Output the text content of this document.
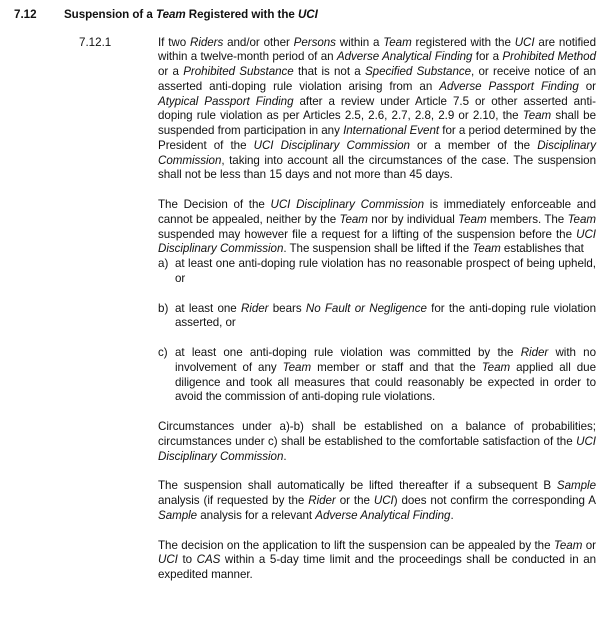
7.12	Suspension of a Team Registered with the UCI
7.12.1	If two Riders and/or other Persons within a Team registered with the UCI are notified within a twelve-month period of an Adverse Analytical Finding for a Prohibited Method or a Prohibited Substance that is not a Specified Substance, or receive notice of an asserted anti-doping rule violation arising from an Adverse Passport Finding or Atypical Passport Finding after a review under Article 7.5 or other asserted anti-doping rule violation as per Articles 2.5, 2.6, 2.7, 2.8, 2.9 or 2.10, the Team shall be suspended from participation in any International Event for a period determined by the President of the UCI Disciplinary Commission or a member of the Disciplinary Commission, taking into account all the circumstances of the case. The suspension shall not be less than 15 days and not more than 45 days.

The Decision of the UCI Disciplinary Commission is immediately enforceable and cannot be appealed, neither by the Team nor by individual Team members. The Team suspended may however file a request for a lifting of the suspension before the UCI Disciplinary Commission. The suspension shall be lifted if the Team establishes that

a) at least one anti-doping rule violation has no reasonable prospect of being upheld, or
b) at least one Rider bears No Fault or Negligence for the anti-doping rule violation asserted, or
c) at least one anti-doping rule violation was committed by the Rider with no involvement of any Team member or staff and that the Team applied all due diligence and took all measures that could reasonably be expected in order to avoid the commission of anti-doping rule violations.

Circumstances under a)-b) shall be established on a balance of probabilities; circumstances under c) shall be established to the comfortable satisfaction of the UCI Disciplinary Commission.

The suspension shall automatically be lifted thereafter if a subsequent B Sample analysis (if requested by the Rider or the UCI) does not confirm the corresponding A Sample analysis for a relevant Adverse Analytical Finding.

The decision on the application to lift the suspension can be appealed by the Team or UCI to CAS within a 5-day time limit and the proceedings shall be conducted in an expedited manner.
